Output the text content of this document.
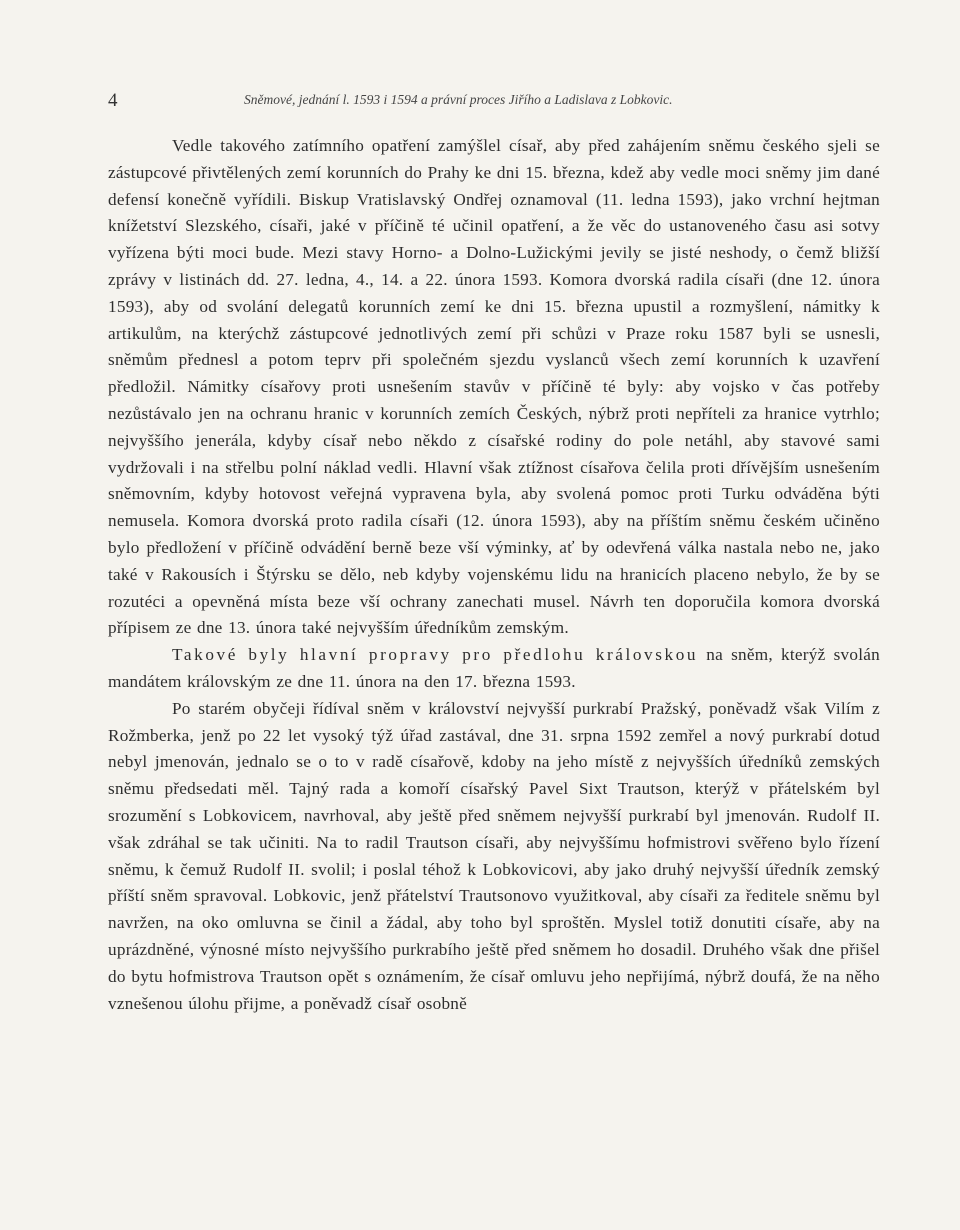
4	Sněmové, jednání l. 1593 i 1594 a právní proces Jiřího a Ladislava z Lobkovic.

Vedle takového zatímního opatření zamýšlel císař, aby před zahájením sněmu českého sjeli se zástupcové přivtělených zemí korunních do Prahy ke dni 15. března, kdež aby vedle moci sněmy jim dané defensí konečně vyřídili. Biskup Vratislavský Ondřej oznamoval (11. ledna 1593), jako vrchní hejtman knížetství Slezského, císaři, jaké v příčině té učinil opatření, a že věc do ustanoveného času asi sotvy vyřízena býti moci bude. Mezi stavy Horno- a Dolno-Lužickými jevily se jisté neshody, o čemž bližší zprávy v listinách dd. 27. ledna, 4., 14. a 22. února 1593. Komora dvorská radila císaři (dne 12. února 1593), aby od svolání delegatů korunních zemí ke dni 15. března upustil a rozmyšlení, námitky k artikulům, na kterýchž zástupcové jednotlivých zemí při schůzi v Praze roku 1587 byli se usnesli, sněmům přednesl a potom teprv při společném sjezdu vyslanců všech zemí korunních k uzavření předložil. Námitky císařovy proti usnešením stavův v příčině té byly: aby vojsko v čas potřeby nezůstávalo jen na ochranu hranic v korunních zemích Českých, nýbrž proti nepříteli za hranice vytrhlo; nejvyššího jenerála, kdyby císař nebo někdo z císařské rodiny do pole netáhl, aby stavové sami vydržovali i na střelbu polní náklad vedli. Hlavní však ztížnost císařova čelila proti dřívějším usnešením sněmovním, kdyby hotovost veřejná vypravena byla, aby svolená pomoc proti Turku odváděna býti nemusela. Komora dvorská proto radila císaři (12. února 1593), aby na příštím sněmu českém učiněno bylo předložení v příčině odvádění berně beze vší výminky, ať by odevřená válka nastala nebo ne, jako také v Rakousích i Štýrsku se dělo, neb kdyby vojenskému lidu na hranicích placeno nebylo, že by se rozutéci a opevněná místa beze vší ochrany zanechati musel. Návrh ten doporučila komora dvorská přípisem ze dne 13. února také nejvyšším úředníkům zemským.

Takové byly hlavní propravy pro předlohu královskou na sněm, kterýž svolán mandátem královským ze dne 11. února na den 17. března 1593.

Po starém obyčeji řídíval sněm v království nejvyšší purkrabí Pražský, poněvadž však Vilím z Rožmberka, jenž po 22 let vysoký týž úřad zastával, dne 31. srpna 1592 zemřel a nový purkrabí dotud nebyl jmenován, jednalo se o to v radě císařově, kdoby na jeho místě z nejvyšších úředníků zemských sněmu předsedati měl. Tajný rada a komoří císařský Pavel Sixt Trautson, kterýž v přátelském byl srozumění s Lobkovicem, navrhoval, aby ještě před sněmem nejvyšší purkrabí byl jmenován. Rudolf II. však zdráhal se tak učiniti. Na to radil Trautson císaři, aby nejvyššímu hofmistrovi svěřeno bylo řízení sněmu, k čemuž Rudolf II. svolil; i poslal téhož k Lobkovicovi, aby jako druhý nejvyšší úředník zemský příští sněm spravoval. Lobkovic, jenž přátelství Trautsonovo využitkoval, aby císaři za ředitele sněmu byl navržen, na oko omluvna se činil a žádal, aby toho byl sproštěn. Myslel totiž donutiti císaře, aby na uprázdněné, výnosné místo nejvyššího purkrabího ještě před sněmem ho dosadil. Druhého však dne přišel do bytu hofmistrova Trautson opět s oznámením, že císař omluvu jeho nepřijímá, nýbrž doufá, že na něho vznešenou úlohu přijme, a poněvadž císař osobně
